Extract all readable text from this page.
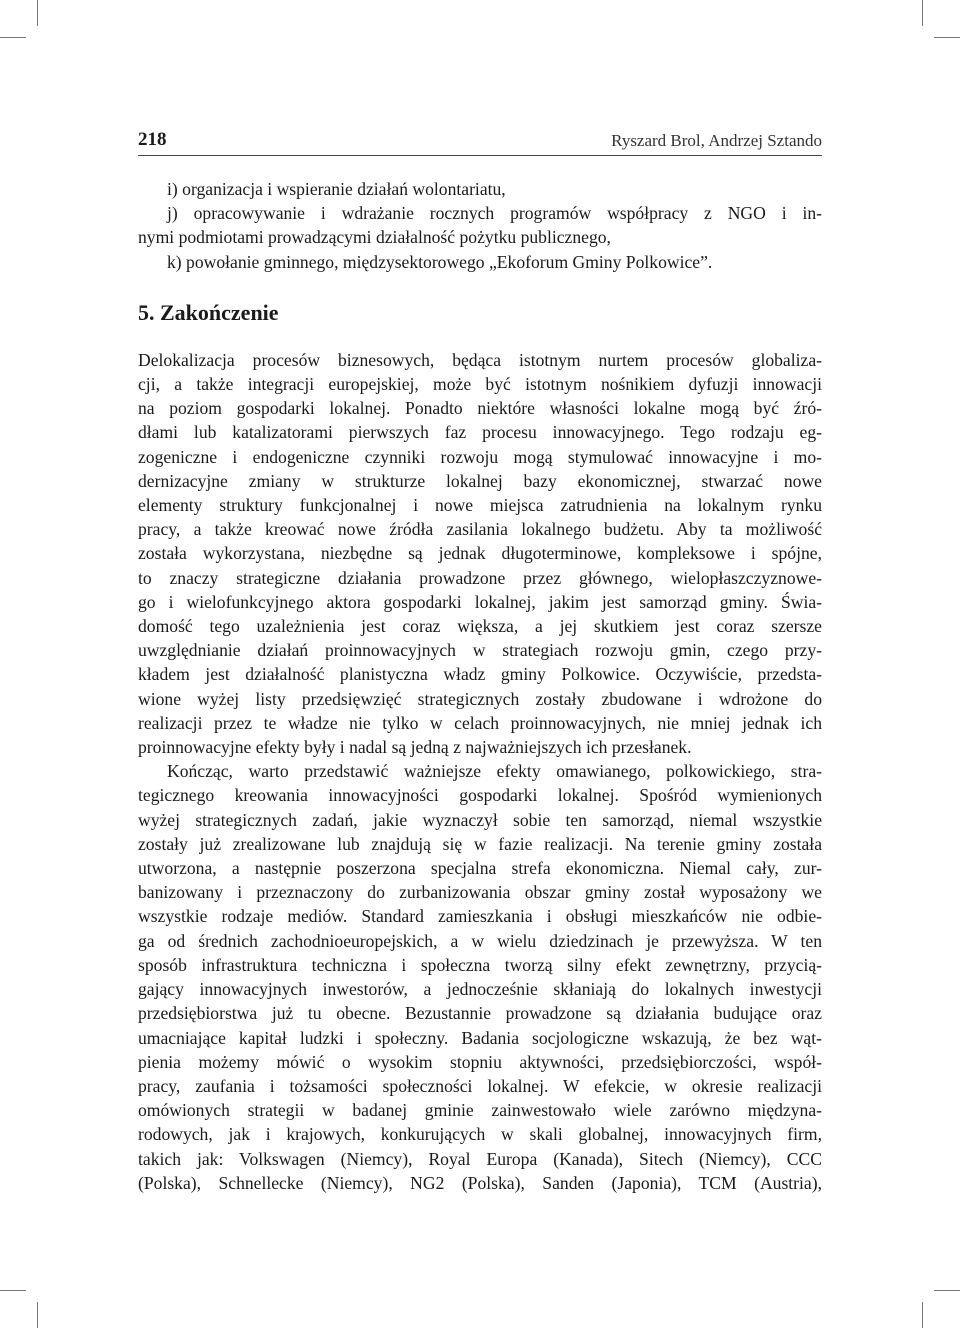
218	Ryszard Brol, Andrzej Sztando
i) organizacja i wspieranie działań wolontariatu,
j) opracowywanie i wdrażanie rocznych programów współpracy z NGO i in-
nymi podmiotami prowadzącymi działalność pożytku publicznego,
k) powołanie gminnego, międzysektorowego „Ekoforum Gminy Polkowice”.
5. Zakończenie
Delokalizacja procesów biznesowych, będąca istotnym nurtem procesów globaliza-
cji, a także integracji europejskiej, może być istotnym nośnikiem dyfuzji innowacji
na poziom gospodarki lokalnej. Ponadto niektóre własności lokalne mogą być źró-
dłami lub katalizatorami pierwszych faz procesu innowacyjnego. Tego rodzaju eg-
zogeniczne i endogeniczne czynniki rozwoju mogą stymulować innowacyjne i mo-
dernizacyjne zmiany w strukturze lokalnej bazy ekonomicznej, stwarzać nowe
elementy struktury funkcjonalnej i nowe miejsca zatrudnienia na lokalnym rynku
pracy, a także kreować nowe źródła zasilania lokalnego budżetu. Aby ta możliwość
została wykorzystana, niezbędne są jednak długoterminowe, kompleksowe i spójne,
to znaczy strategiczne działania prowadzone przez głównego, wielopłaszczyznowe-
go i wielofunkcyjnego aktora gospodarki lokalnej, jakim jest samorząd gminy. Świa-
domość tego uzależnienia jest coraz większa, a jej skutkiem jest coraz szersze
uwzględnianie działań proinnowacyjnych w strategiach rozwoju gmin, czego przy-
kładem jest działalność planistyczna władz gminy Polkowice. Oczywiście, przedsta-
wione wyżej listy przedsięwzięć strategicznych zostały zbudowane i wdrożone do
realizacji przez te władze nie tylko w celach proinnowacyjnych, nie mniej jednak ich
proinnowacyjne efekty były i nadal są jedną z najważniejszych ich przesłanek.
Kończąc, warto przedstawić ważniejsze efekty omawianego, polkowickiego, stra-
tegicznego kreowania innowacyjności gospodarki lokalnej. Spośród wymienionych
wyżej strategicznych zadań, jakie wyznaczył sobie ten samorząd, niemal wszystkie
zostały już zrealizowane lub znajdują się w fazie realizacji. Na terenie gminy została
utworzona, a następnie poszerzona specjalna strefa ekonomiczna. Niemal cały, zur-
banizowany i przeznaczony do zurbanizowania obszar gminy został wyposażony we
wszystkie rodzaje mediów. Standard zamieszkania i obsługi mieszkańców nie odbie-
ga od średnich zachodnioeuropejskich, a w wielu dziedzinach je przewyższa. W ten
sposób infrastruktura techniczna i społeczna tworzą silny efekt zewnętrzny, przycią-
gający innowacyjnych inwestorów, a jednocześnie skłaniają do lokalnych inwestycji
przedsiębiorstwa już tu obecne. Bezustannie prowadzone są działania budujące oraz
umacniające kapitał ludzki i społeczny. Badania socjologiczne wskazują, że bez wąt-
pienia możemy mówić o wysokim stopniu aktywności, przedsiębiorczości, współ-
pracy, zaufania i tożsamości społeczności lokalnej. W efekcie, w okresie realizacji
omówionych strategii w badanej gminie zainwestowało wiele zarówno międzyna-
rodowych, jak i krajowych, konkurujących w skali globalnej, innowacyjnych firm,
takich jak: Volkswagen (Niemcy), Royal Europa (Kanada), Sitech (Niemcy), CCC
(Polska), Schnellecke (Niemcy), NG2 (Polska), Sanden (Japonia), TCM (Austria),
